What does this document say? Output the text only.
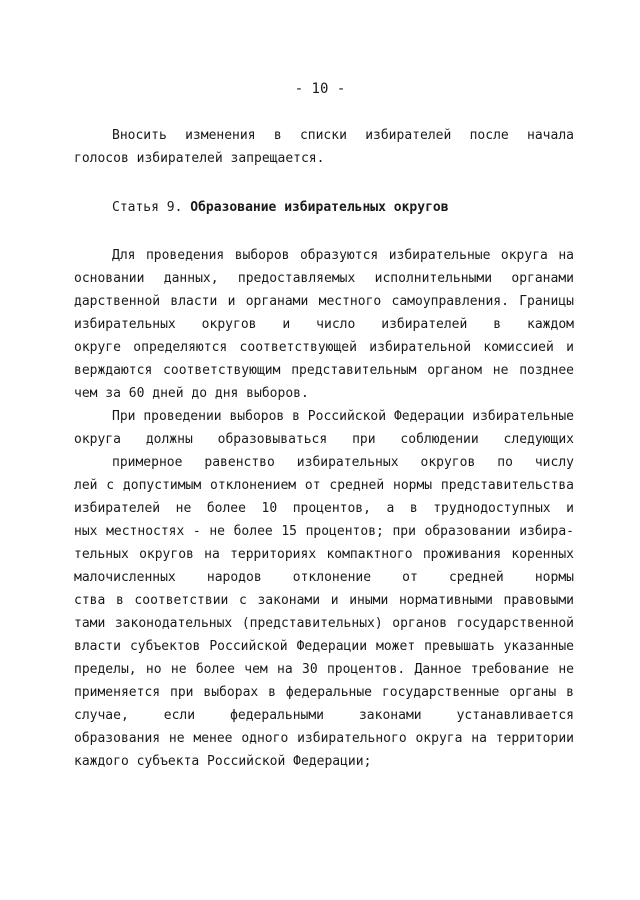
- 10 -
Вносить изменения в списки избирателей после начала
голосов избирателей запрещается.
Статья 9. Образование избирательных округов
Для проведения выборов образуются избирательные округа на
основании данных, предоставляемых исполнительными органами
дарственной власти и органами местного самоуправления. Границы
избирательных округов и число избирателей в каждом
округе определяются соответствующей избирательной комиссией и
верждаются соответствующим представительным органом не позднее
чем за 60 дней до дня выборов.
При проведении выборов в Российской Федерации избирательные
округа должны образовываться при соблюдении следующих
примерное равенство избирательных округов по числу
лей с допустимым отклонением от средней нормы представительства
избирателей не более 10 процентов, а в труднодоступных и
ных местностях - не более 15 процентов; при образовании избира-
тельных округов на территориях компактного проживания коренных
малочисленных народов отклонение от средней нормы
ства в соответствии с законами и иными нормативными правовыми
тами законодательных (представительных) органов государственной
власти субъектов Российской Федерации может превышать указанные
пределы, но не более чем на 30 процентов. Данное требование не
применяется при выборах в федеральные государственные органы в
случае, если федеральными законами устанавливается
образования не менее одного избирательного округа на территории
каждого субъекта Российской Федерации;
